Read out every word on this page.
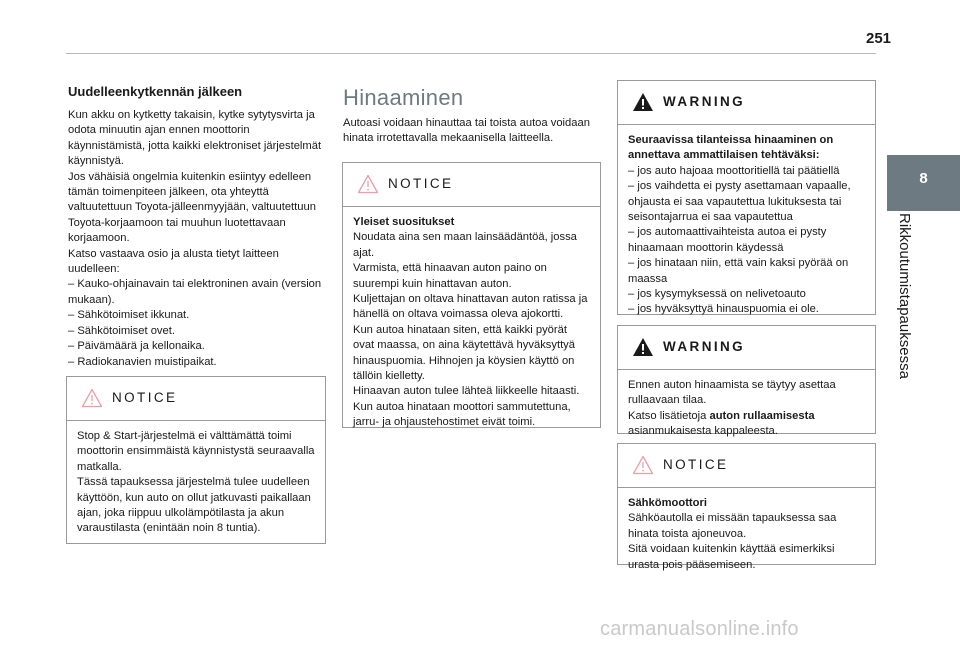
251
8
Rikkoutumistapauksessa
Uudelleenkytkennän jälkeen

Kun akku on kytketty takaisin, kytke sytytysvirta ja odota minuutin ajan ennen moottorin käynnistämistä, jotta kaikki elektroniset järjestelmät käynnistyä.
Jos vähäisiä ongelmia kuitenkin esiintyy edelleen tämän toimenpiteen jälkeen, ota yhteyttä valtuutettuun Toyota-jälleenmyyjään, valtuutettuun Toyota-korjaamoon tai muuhun luotettavaan korjaamoon.
Katso vastaava osio ja alusta tietyt laitteen uudelleen:
– Kauko-ohjainavain tai elektroninen avain (version mukaan).
– Sähkötoimiset ikkunat.
– Sähkötoimiset ovet.
– Päivämäärä ja kellonaika.
– Radiokanavien muistipaikat.

NOTICE

Stop & Start-järjestelmä ei välttämättä toimi moottorin ensimmäistä käynnistystä seuraavalla matkalla.
Tässä tapauksessa järjestelmä tulee uudelleen käyttöön, kun auto on ollut jatkuvasti paikallaan ajan, joka riippuu ulkolämpötilasta ja akun varaustilasta (enintään noin 8 tuntia).

Hinaaminen

Autoasi voidaan hinauttaa tai toista autoa voidaan hinata irrotettavalla mekaanisella laitteella.

NOTICE

Yleiset suositukset

Noudata aina sen maan lainsäädäntöä, jossa ajat.
Varmista, että hinaavan auton paino on suurempi kuin hinattavan auton.
Kuljettajan on oltava hinattavan auton ratissa ja hänellä on oltava voimassa oleva ajokortti.
Kun autoa hinataan siten, että kaikki pyörät ovat maassa, on aina käytettävä hyväksyttyä hinauspuomia. Hihnojen ja köysien käyttö on tällöin kielletty.
Hinaavan auton tulee lähteä liikkeelle hitaasti.
Kun autoa hinataan moottori sammutettuna, jarru- ja ohjaustehostimet eivät toimi.

WARNING

Seuraavissa tilanteissa hinaaminen on annettava ammattilaisen tehtäväksi:

– jos auto hajoaa moottoritiellä tai päätiellä
– jos vaihdetta ei pysty asettamaan vapaalle, ohjausta ei saa vapautettua lukituksesta tai seisontajarrua ei saa vapautettua
– jos automaattivaihteista autoa ei pysty hinaamaan moottorin käydessä
– jos hinataan niin, että vain kaksi pyörää on maassa
– jos kysymyksessä on nelivetoauto
– jos hyväksyttyä hinauspuomia ei ole.

WARNING

Ennen auton hinaamista se täytyy asettaa rullaavaan tilaa.

Katso lisätietoja auton rullaamisesta

asianmukaisesta kappaleesta.

NOTICE

Sähkömoottori

Sähköautolla ei missään tapauksessa saa hinata toista ajoneuvoa.
Sitä voidaan kuitenkin käyttää esimerkiksi urasta pois pääsemiseen.

carmanualsonline.info
